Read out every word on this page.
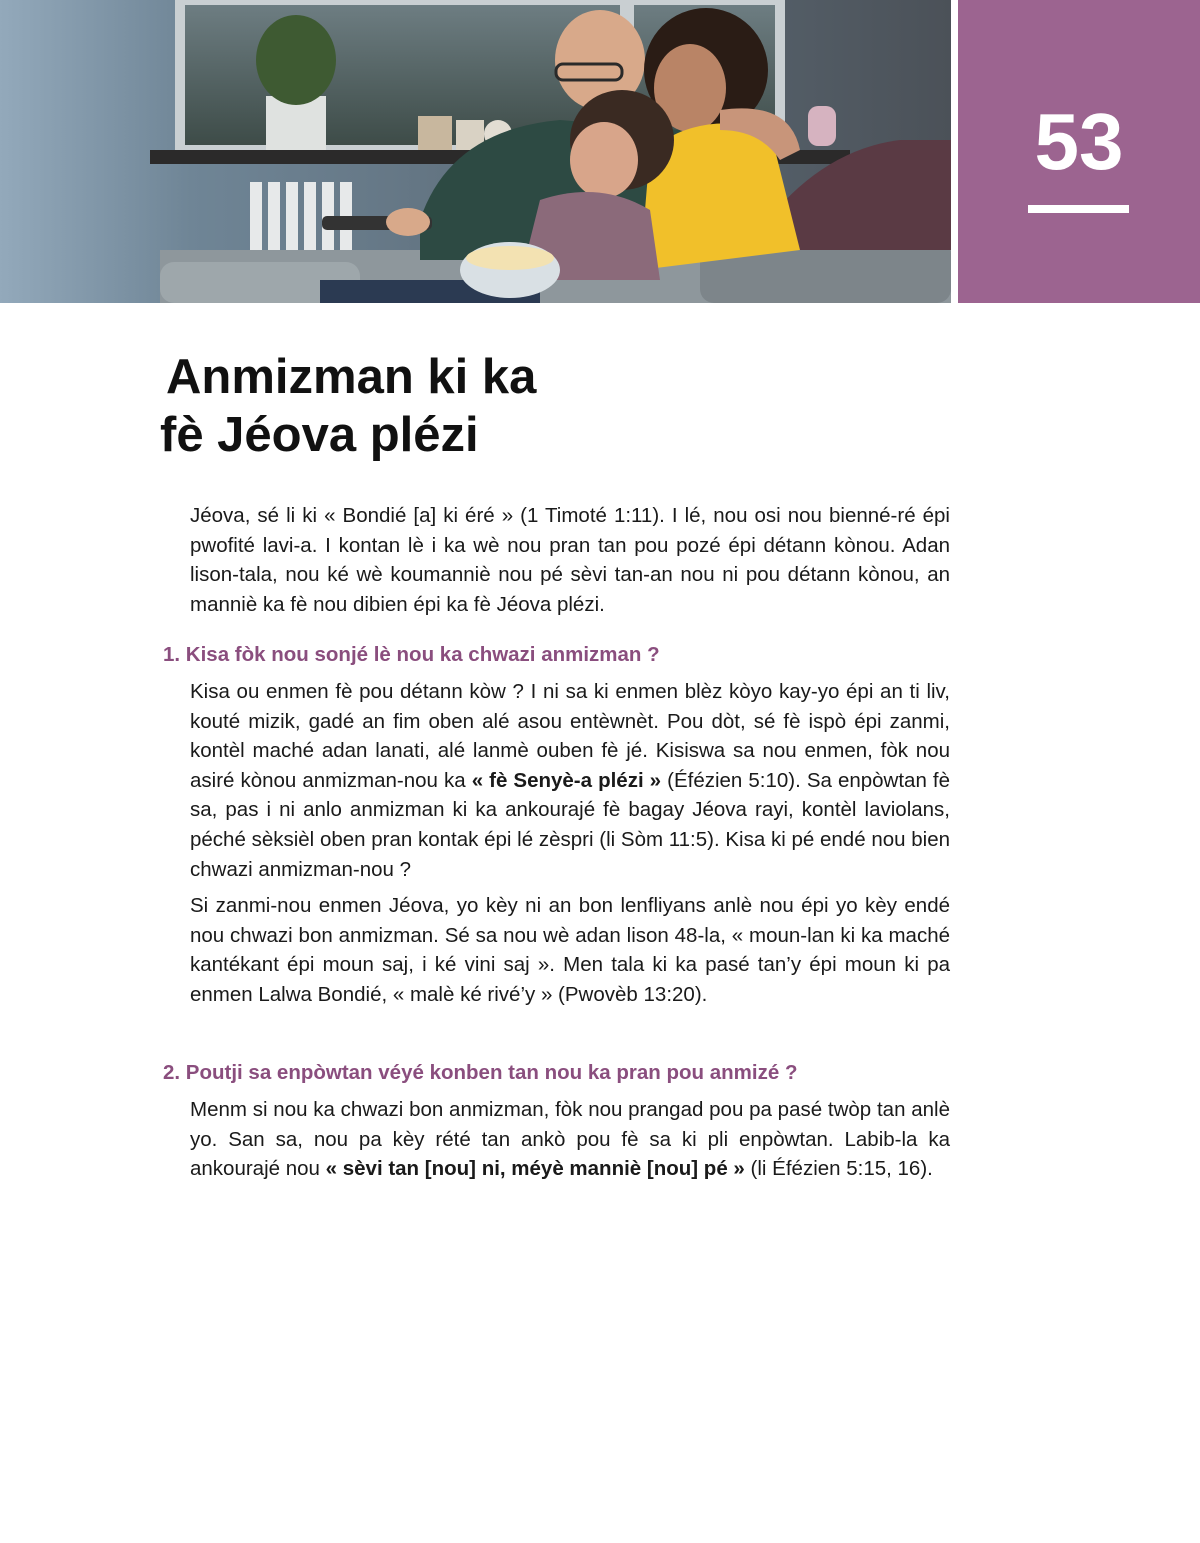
53
Anmizman ki ka
fè Jéova plézi

Jéova, sé li ki « Bondié [a] ki éré » (1 Timoté 1:11). I lé, nou osi nou bienné-ré épi pwofité lavi-a. I kontan lè i ka wè nou pran tan pou pozé épi détann kònou. Adan lison-tala, nou ké wè koumanniè nou pé sèvi tan-an nou ni pou détann kònou, an manniè ka fè nou dibien épi ka fè Jéova plézi.

1. Kisa fòk nou sonjé lè nou ka chwazi anmizman ?

Kisa ou enmen fè pou détann kòw ? I ni sa ki enmen blèz kòyo kay-yo épi an ti liv, kouté mizik, gadé an fim oben alé asou entèwnèt. Pou dòt, sé fè ispò épi zanmi, kontèl maché adan lanati, alé lanmè ouben fè jé. Kisiswa sa nou enmen, fòk nou asiré kònou anmizman-nou ka « fè Senyè-a plézi » (Éfézien 5:10). Sa enpòwtan fè sa, pas i ni anlo anmizman ki ka ankourajé fè bagay Jéova rayi, kontèl laviolans, péché sèksièl oben pran kontak épi lé zèspri (li Sòm 11:5). Kisa ki pé endé nou bien chwazi anmizman-nou ?

Si zanmi-nou enmen Jéova, yo kèy ni an bon lenfliyans anlè nou épi yo kèy endé nou chwazi bon anmizman. Sé sa nou wè adan lison 48-la, « moun-lan ki ka maché kantékant épi moun saj, i ké vini saj ». Men tala ki ka pasé tan’y épi moun ki pa enmen Lalwa Bondié, « malè ké rivé’y » (Pwovèb 13:20).

2. Poutji sa enpòwtan véyé konben tan nou ka pran pou anmizé ?

Menm si nou ka chwazi bon anmizman, fòk nou prangad pou pa pasé twòp tan anlè yo. San sa, nou pa kèy rété tan ankò pou fè sa ki pli enpòwtan. Labib-la ka ankourajé nou « sèvi tan [nou] ni, méyè manniè [nou] pé » (li Éfézien 5:15, 16).
